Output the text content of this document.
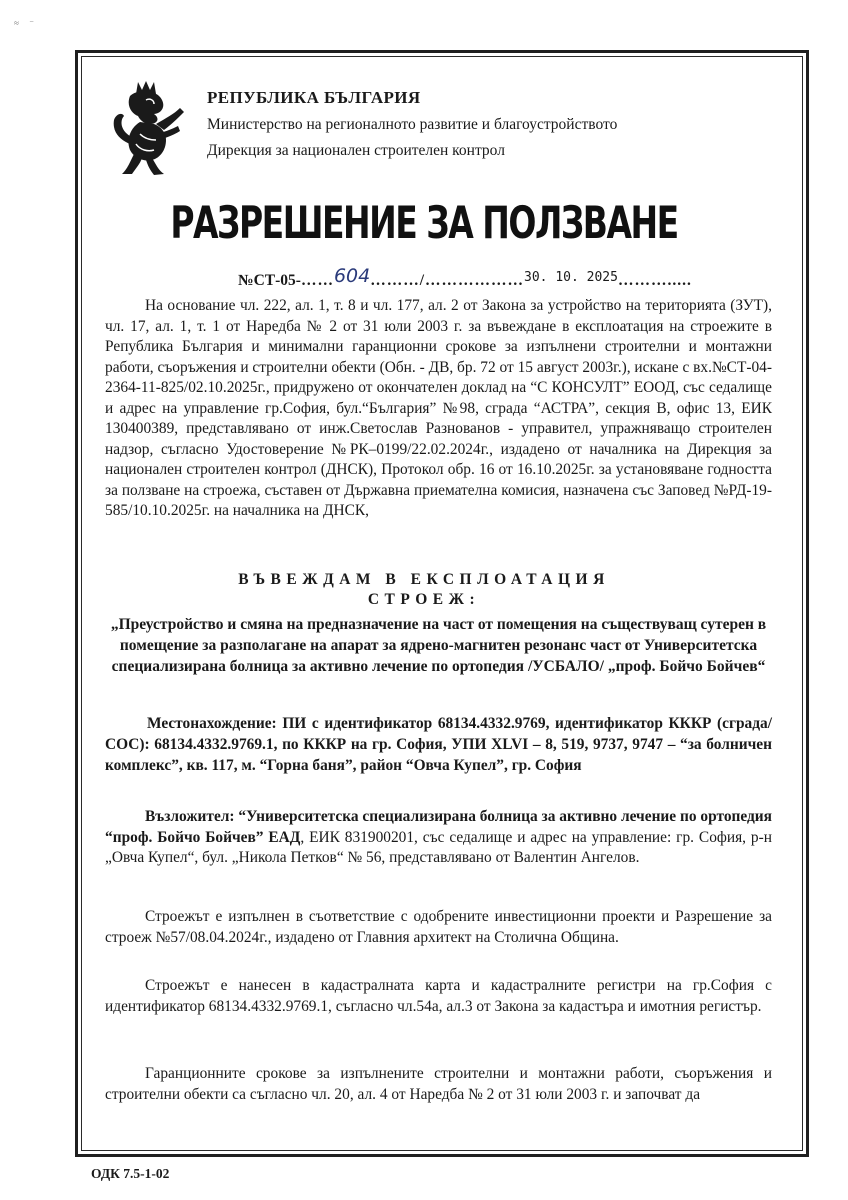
≈ ⁻
РЕПУБЛИКА БЪЛГАРИЯ
Министерство на регионалното развитие и благоустройството
Дирекция за национален строителен контрол
РАЗРЕШЕНИЕ ЗА ПОЛЗВАНЕ
№СТ-05-……604………/………………$^{30. 10. 2025}$……….....
На основание чл. 222, ал. 1, т. 8 и чл. 177, ал. 2 от Закона за устройство на територията (ЗУТ), чл. 17, ал. 1, т. 1 от Наредба № 2 от 31 юли 2003 г. за въвеждане в експлоатация на строежите в Република България и минимални гаранционни срокове за изпълнени строителни и монтажни работи, съоръжения и строителни обекти (Обн. - ДВ, бр. 72 от 15 август 2003г.), искане с вх.№СТ-04-2364-11-825/02.10.2025г., придружено от окончателен доклад на “С КОНСУЛТ” ЕООД, със седалище и адрес на управление гр.София, бул.“България” №98, сграда “АСТРА”, секция В, офис 13, ЕИК 130400389, представлявано от инж.Светослав Разнованов - управител, упражняващо строителен надзор, съгласно Удостоверение №РК–0199/22.02.2024г., издадено от началника на Дирекция за национален строителен контрол (ДНСК), Протокол обр. 16 от 16.10.2025г. за установяване годността за ползване на строежа, съставен от Държавна приемателна комисия, назначена със Заповед №РД-19-585/10.10.2025г. на началника на ДНСК,
ВЪВЕЖДАМ В ЕКСПЛОАТАЦИЯ
СТРОЕЖ:
„Преустройство и смяна на предназначение на част от помещения на съществуващ сутерен в помещение за разполагане на апарат за ядрено-магнитен резонанс част от Университетска специализирана болница за активно лечение по ортопедия /УСБАЛО/ „проф. Бойчо Бойчев“
Местонахождение: ПИ с идентификатор 68134.4332.9769, идентификатор КККР (сграда/СОС): 68134.4332.9769.1, по КККР на гр. София, УПИ XLVI – 8, 519, 9737, 9747 – “за болничен комплекс”, кв. 117, м. “Горна баня”, район “Овча Купел”, гр. София
Възложител: “Университетска специализирана болница за активно лечение по ортопедия “проф. Бойчо Бойчев” ЕАД, ЕИК 831900201, със седалище и адрес на управление: гр. София, р-н „Овча Купел“, бул. „Никола Петков“ № 56, представлявано от Валентин Ангелов.
Строежът е изпълнен в съответствие с одобрените инвестиционни проекти и Разрешение за строеж №57/08.04.2024г., издадено от Главния архитект на Столична Община.
Строежът е нанесен в кадастралната карта и кадастралните регистри на гр.София с идентификатор 68134.4332.9769.1, съгласно чл.54а, ал.3 от Закона за кадастъра и имотния регистър.
Гаранционните срокове за изпълнените строителни и монтажни работи, съоръжения и строителни обекти са съгласно чл. 20, ал. 4 от Наредба № 2 от 31 юли 2003 г. и започват да
ОДК 7.5-1-02
